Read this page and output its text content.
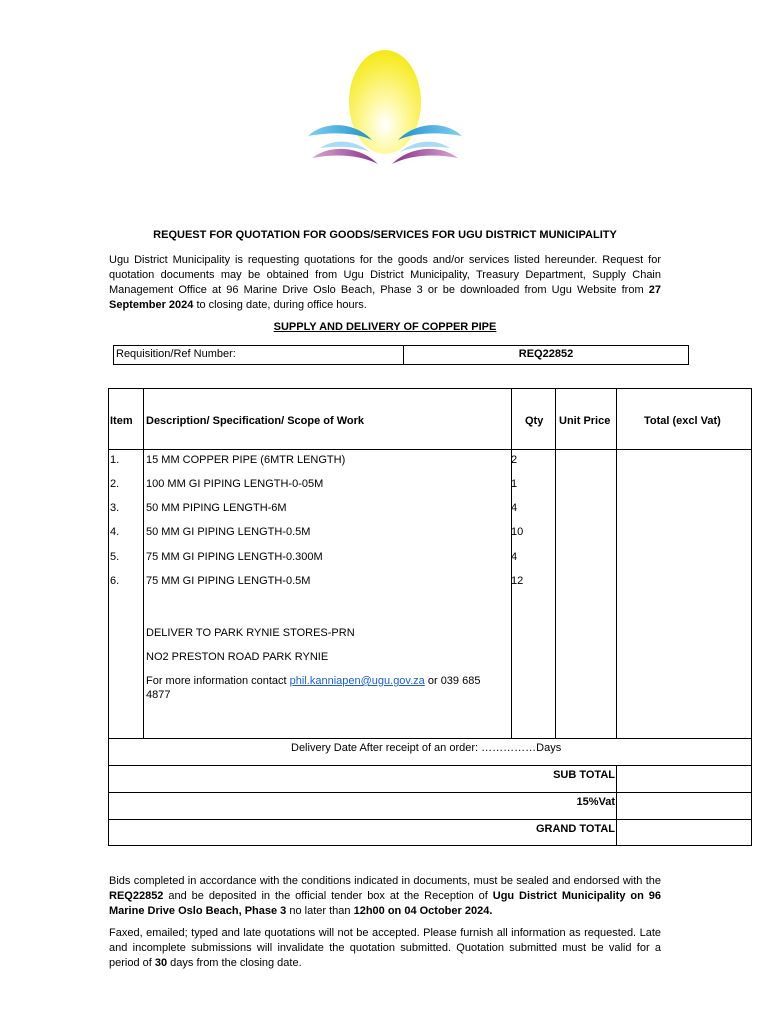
REQUEST FOR QUOTATION FOR GOODS/SERVICES FOR UGU DISTRICT MUNICIPALITY
Ugu District Municipality is requesting quotations for the goods and/or services listed hereunder. Request for quotation documents may be obtained from Ugu District Municipality, Treasury Department, Supply Chain Management Office at 96 Marine Drive Oslo Beach, Phase 3 or be downloaded from Ugu Website from 27 September 2024 to closing date, during office hours.
SUPPLY AND DELIVERY OF COPPER PIPE
Requisition/Ref Number:	REQ22852
Item Description/ Specification/ Scope of Work	Qty Unit Price	Total (excl Vat)
1. 15 MM COPPER PIPE (6MTR LENGTH)	2
2. 100 MM GI PIPING LENGTH-0-05M	1
3. 50 MM PIPING LENGTH-6M	4
4. 50 MM GI PIPING LENGTH-0.5M	10
5. 75 MM GI PIPING LENGTH-0.300M	4
6. 75 MM GI PIPING LENGTH-0.5M	12
DELIVER TO PARK RYNIE STORES-PRN
NO2 PRESTON ROAD PARK RYNIE
For more information contact phil.kanniapen@ugu.gov.za or 039 685
4877
Delivery Date After receipt of an order: ……………Days
SUB TOTAL
15%Vat
GRAND TOTAL
Bids completed in accordance with the conditions indicated in documents, must be sealed and endorsed with the REQ22852 and be deposited in the official tender box at the Reception of Ugu District Municipality on 96 Marine Drive Oslo Beach, Phase 3 no later than 12h00 on 04 October 2024.
Faxed, emailed; typed and late quotations will not be accepted. Please furnish all information as requested. Late and incomplete submissions will invalidate the quotation submitted. Quotation submitted must be valid for a period of 30 days from the closing date.
